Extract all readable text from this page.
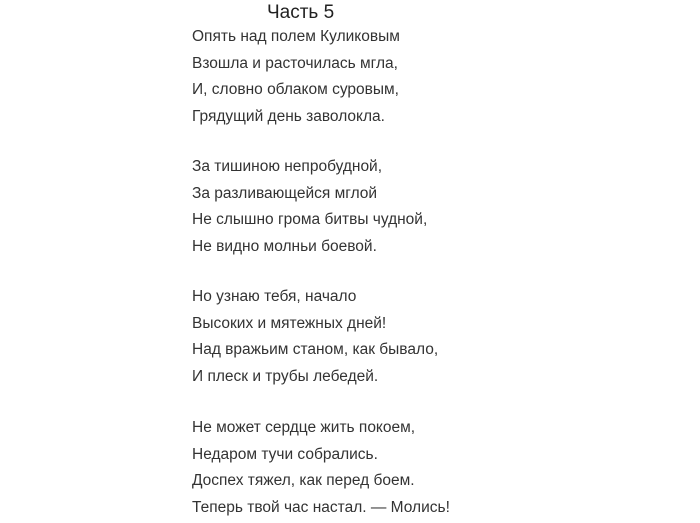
Часть 5
Опять над полем Куликовым
Взошла и расточилась мгла,
И, словно облаком суровым,
Грядущий день заволокла.
За тишиною непробудной,
За разливающейся мглой
Не слышно грома битвы чудной,
Не видно молньи боевой.
Но узнаю тебя, начало
Высоких и мятежных дней!
Над вражьим станом, как бывало,
И плеск и трубы лебедей.
Не может сердце жить покоем,
Недаром тучи собрались.
Доспех тяжел, как перед боем.
Теперь твой час настал. — Молись!
